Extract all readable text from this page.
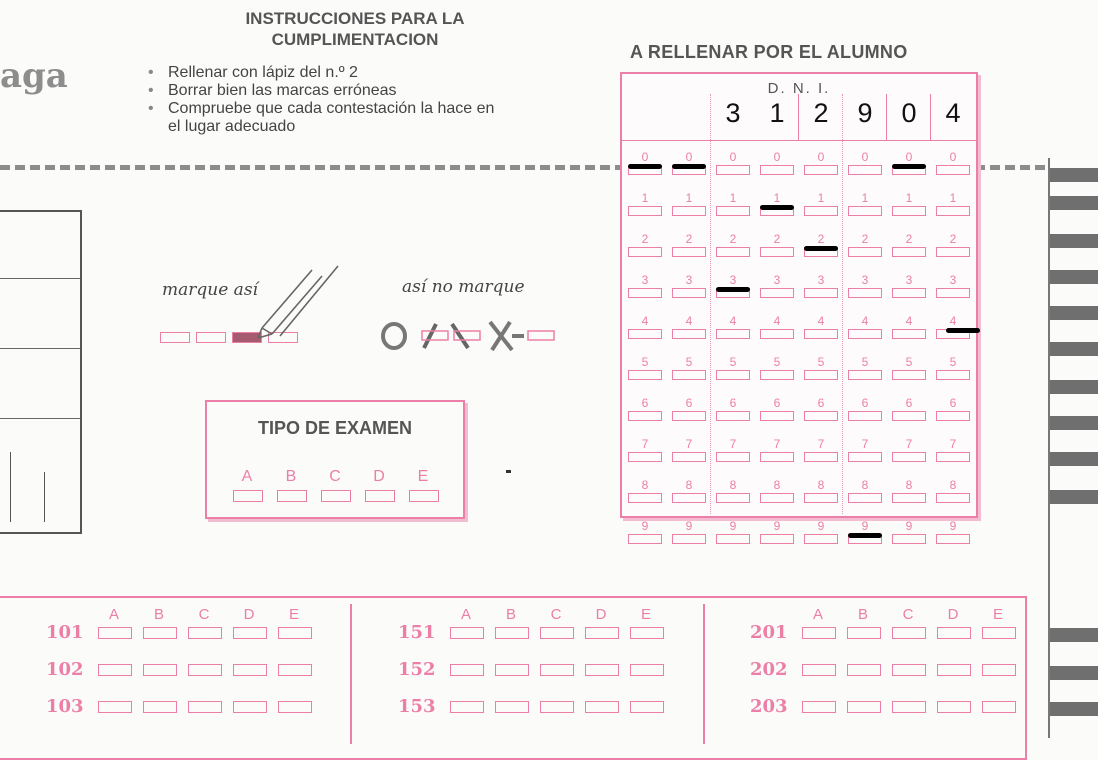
aga
INSTRUCCIONES PARA LA
CUMPLIMENTACION
• Rellenar con lápiz del n.º 2
• Borrar bien las marcas erróneas
• Compruebe que cada contestación la hace en
el lugar adecuado
marque así	así no marque
A RELLENAR POR EL ALUMNO
D. N. I.
3	1	2	9	0	4
0	0	0	0	0	0	0	0
1	1	1	1	1	1	1	1
2	2	2	2	2	2	2	2
3	3	3	3	3	3	3	3
4	4	4	4	4	4	4	4
5	5	5	5	5	5	5	5
6	6	6	6	6	6	6	6
7	7	7	7	7	7	7	7
8	8	8	8	8	8	8	8
9	9	9	9	9	9	9	9
TIPO DE EXAMEN
A	B	C	D	E
A	B	C	D	E
101
102
103
A	B	C	D	E
151
152
153
A	B	C	D	E
201
202
203
